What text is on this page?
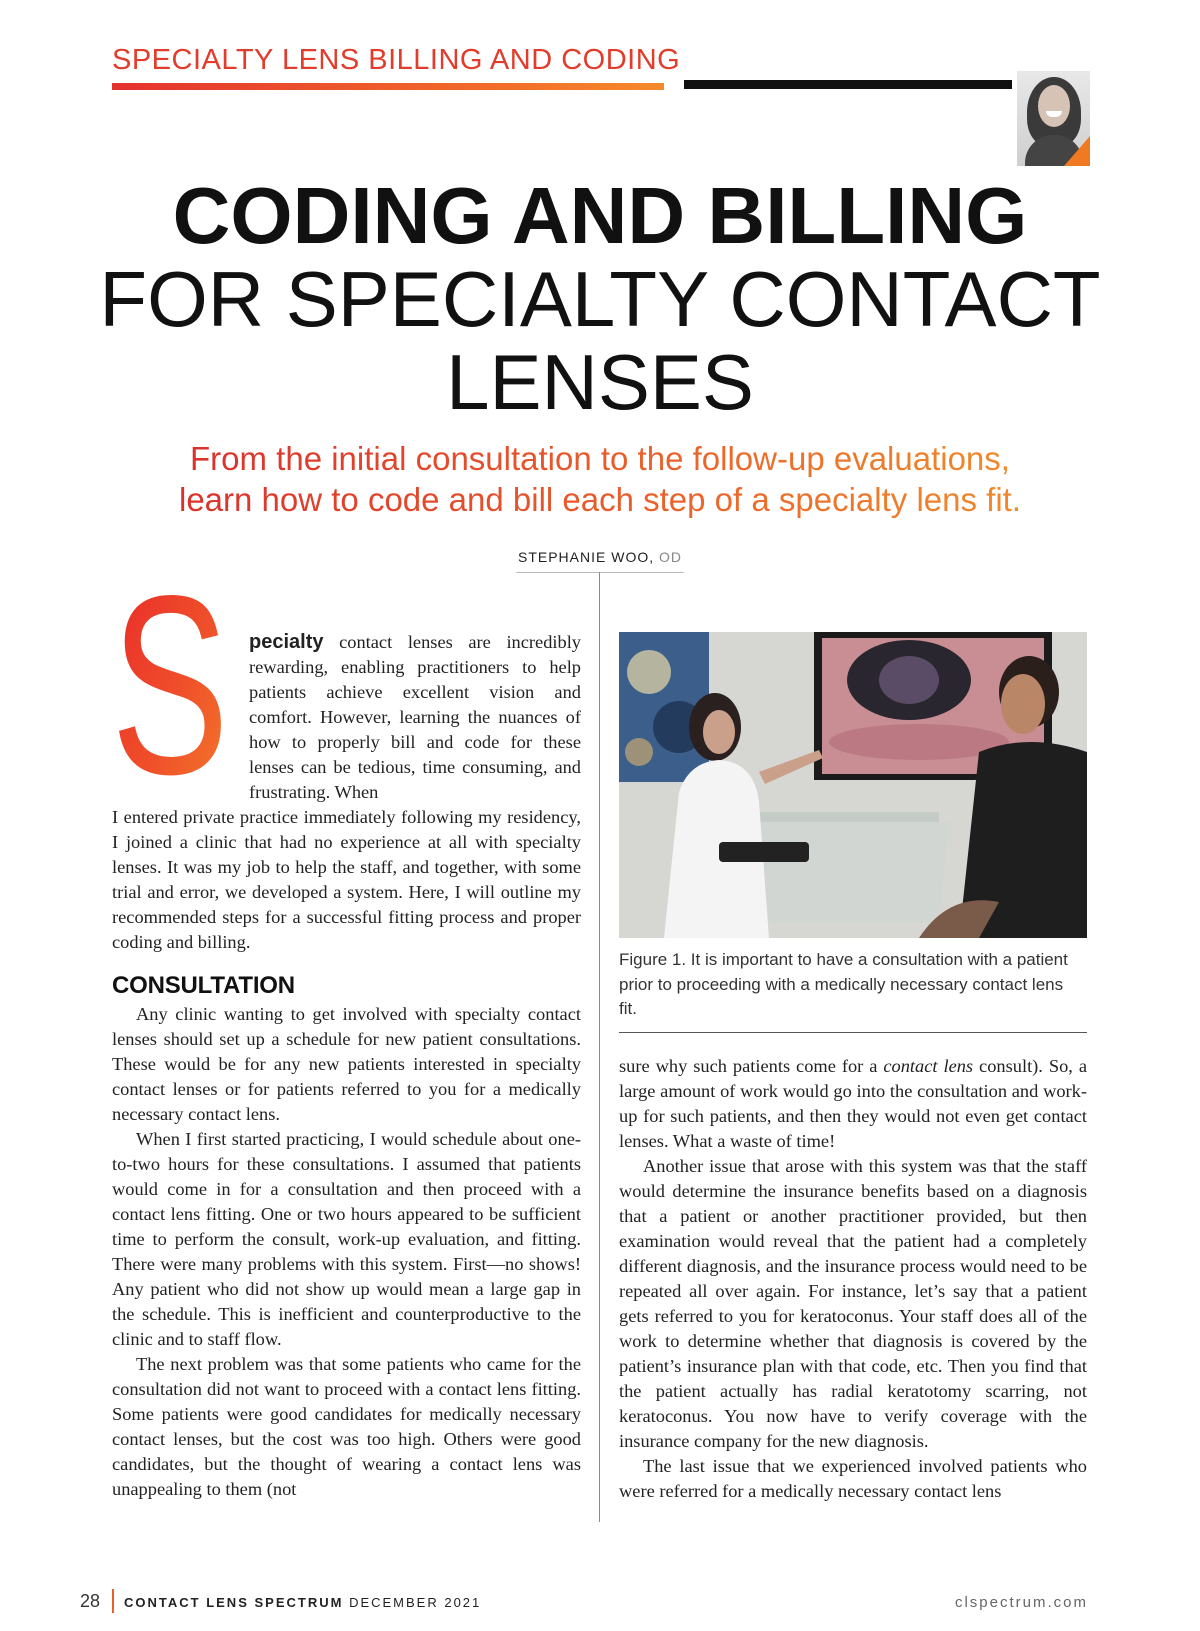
SPECIALTY LENS BILLING AND CODING
CODING AND BILLING
FOR SPECIALTY CONTACT
LENSES
From the initial consultation to the follow-up evaluations,
learn how to code and bill each step of a specialty lens fit.
STEPHANIE WOO, OD
S pecialty contact lenses are incredibly rewarding, enabling practitioners to help patients achieve excellent vision and comfort. However, learning the nuances of how to properly bill and code for these lenses can be tedious, time consuming, and frustrating. When

I entered private practice immediately following my residency, I joined a clinic that had no experience at all with specialty lenses. It was my job to help the staff, and together, with some trial and error, we developed a system. Here, I will outline my recommended steps for a successful fitting process and proper coding and billing.

CONSULTATION

Any clinic wanting to get involved with specialty contact lenses should set up a schedule for new patient consultations. These would be for any new patients interested in specialty contact lenses or for patients referred to you for a medically necessary contact lens.

When I first started practicing, I would schedule about one-to-two hours for these consultations. I assumed that patients would come in for a consultation and then proceed with a contact lens fitting. One or two hours appeared to be sufficient time to perform the consult, work-up evaluation, and fitting. There were many problems with this system. First—no shows! Any patient who did not show up would mean a large gap in the schedule. This is inefficient and counterproductive to the clinic and to staff flow.

The next problem was that some patients who came for the consultation did not want to proceed with a contact lens fitting. Some patients were good candidates for medically necessary contact lenses, but the cost was too high. Others were good candidates, but the thought of wearing a contact lens was unappealing to them (not

Figure 1. It is important to have a consultation with a patient prior to proceeding with a medically necessary contact lens fit.

sure why such patients come for a contact lens consult). So, a large amount of work would go into the consultation and work-up for such patients, and then they would not even get contact lenses. What a waste of time!

Another issue that arose with this system was that the staff would determine the insurance benefits based on a diagnosis that a patient or another practitioner provided, but then examination would reveal that the patient had a completely different diagnosis, and the insurance process would need to be repeated all over again. For instance, let’s say that a patient gets referred to you for keratoconus. Your staff does all of the work to determine whether that diagnosis is covered by the patient’s insurance plan with that code, etc. Then you find that the patient actually has radial keratotomy scarring, not keratoconus. You now have to verify coverage with the insurance company for the new diagnosis.

The last issue that we experienced involved patients who were referred for a medically necessary contact lens

28 CONTACT LENS SPECTRUM DECEMBER 2021	clspectrum.com
